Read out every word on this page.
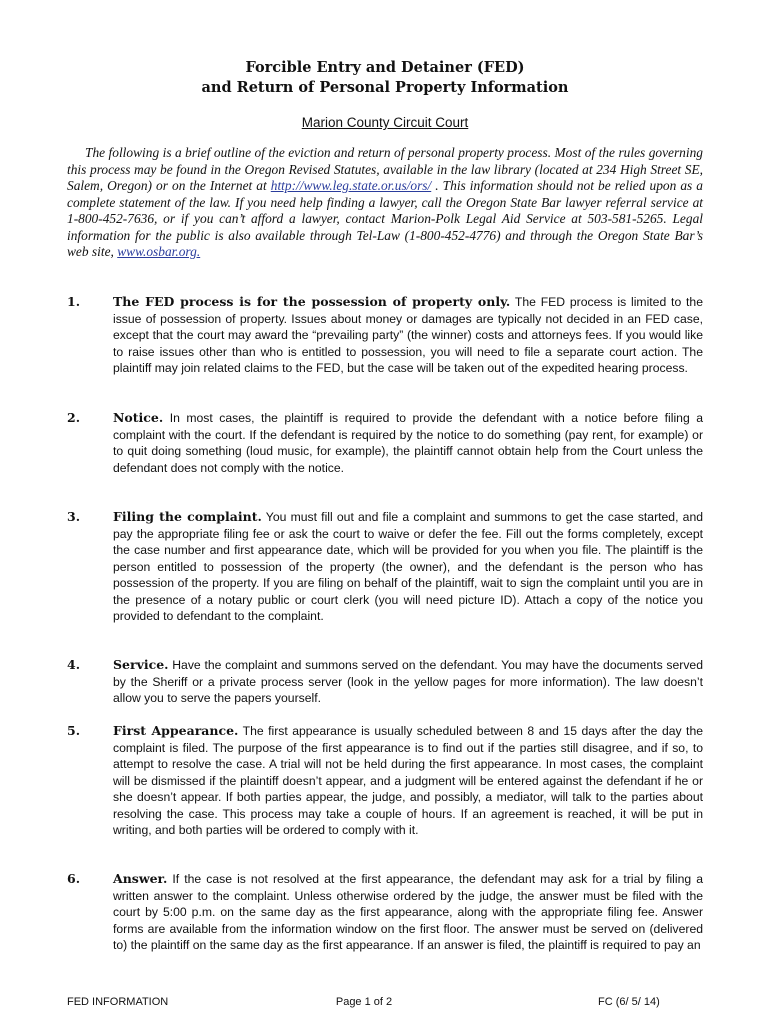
Forcible Entry and Detainer (FED)
and Return of Personal Property Information
Marion County Circuit Court
The following is a brief outline of the eviction and return of personal property process. Most of the rules governing this process may be found in the Oregon Revised Statutes, available in the law library (located at 234 High Street SE, Salem, Oregon) or on the Internet at http://www.leg.state.or.us/ors/ . This information should not be relied upon as a complete statement of the law. If you need help finding a lawyer, call the Oregon State Bar lawyer referral service at 1-800-452-7636, or if you can’t afford a lawyer, contact Marion-Polk Legal Aid Service at 503-581-5265. Legal information for the public is also available through Tel-Law (1-800-452-4776) and through the Oregon State Bar’s web site, www.osbar.org.
1.	The FED process is for the possession of property only. The FED process is limited to the issue of possession of property. Issues about money or damages are typically not decided in an FED case, except that the court may award the “prevailing party” (the winner) costs and attorneys fees. If you would like to raise issues other than who is entitled to possession, you will need to file a separate court action. The plaintiff may join related claims to the FED, but the case will be taken out of the expedited hearing process.
2.	Notice. In most cases, the plaintiff is required to provide the defendant with a notice before filing a complaint with the court. If the defendant is required by the notice to do something (pay rent, for example) or to quit doing something (loud music, for example), the plaintiff cannot obtain help from the Court unless the defendant does not comply with the notice.
3.	Filing the complaint. You must fill out and file a complaint and summons to get the case started, and pay the appropriate filing fee or ask the court to waive or defer the fee. Fill out the forms completely, except the case number and first appearance date, which will be provided for you when you file. The plaintiff is the person entitled to possession of the property (the owner), and the defendant is the person who has possession of the property. If you are filing on behalf of the plaintiff, wait to sign the complaint until you are in the presence of a notary public or court clerk (you will need picture ID). Attach a copy of the notice you provided to defendant to the complaint.
4.	Service. Have the complaint and summons served on the defendant. You may have the documents served by the Sheriff or a private process server (look in the yellow pages for more information). The law doesn’t allow you to serve the papers yourself.
5.	First Appearance. The first appearance is usually scheduled between 8 and 15 days after the day the complaint is filed. The purpose of the first appearance is to find out if the parties still disagree, and if so, to attempt to resolve the case. A trial will not be held during the first appearance. In most cases, the complaint will be dismissed if the plaintiff doesn’t appear, and a judgment will be entered against the defendant if he or she doesn’t appear. If both parties appear, the judge, and possibly, a mediator, will talk to the parties about resolving the case. This process may take a couple of hours. If an agreement is reached, it will be put in writing, and both parties will be ordered to comply with it.
6.	Answer. If the case is not resolved at the first appearance, the defendant may ask for a trial by filing a written answer to the complaint. Unless otherwise ordered by the judge, the answer must be filed with the court by 5:00 p.m. on the same day as the first appearance, along with the appropriate filing fee. Answer forms are available from the information window on the first floor. The answer must be served on (delivered to) the plaintiff on the same day as the first appearance. If an answer is filed, the plaintiff is required to pay an
FED INFORMATION	Page 1 of 2	FC (6/ 5/ 14)
